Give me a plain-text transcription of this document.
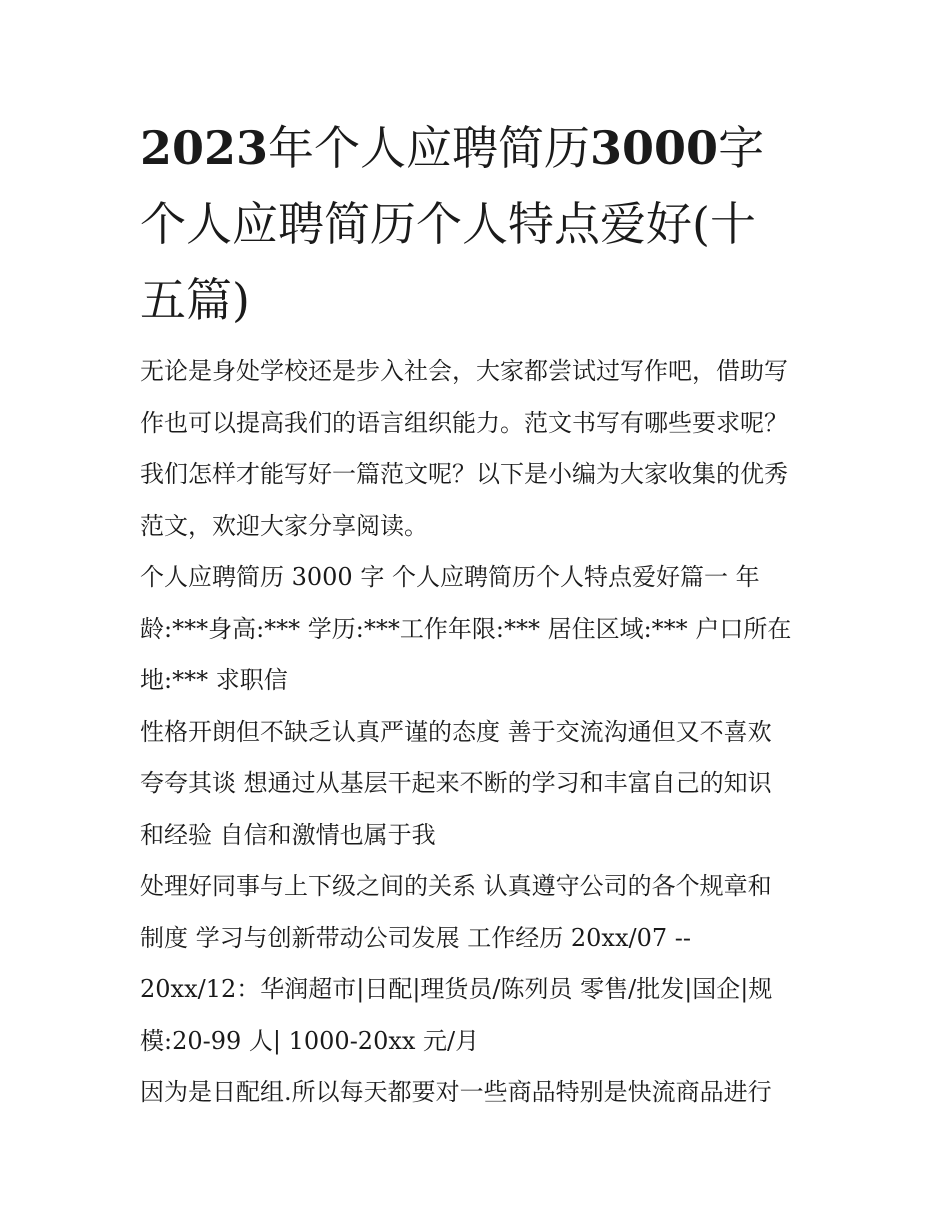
2023年个人应聘简历3000字
个人应聘简历个人特点爱好(十
五篇)

无论是身处学校还是步入社会，大家都尝试过写作吧，借助写
作也可以提高我们的语言组织能力。范文书写有哪些要求呢？
我们怎样才能写好一篇范文呢？以下是小编为大家收集的优秀
范文，欢迎大家分享阅读。

个人应聘简历 3000 字 个人应聘简历个人特点爱好篇一 年
龄:***身高:*** 学历:***工作年限:*** 居住区域:*** 户口所在
地:*** 求职信

性格开朗但不缺乏认真严谨的态度 善于交流沟通但又不喜欢
夸夸其谈 想通过从基层干起来不断的学习和丰富自己的知识
和经验 自信和激情也属于我

处理好同事与上下级之间的关系 认真遵守公司的各个规章和
制度 学习与创新带动公司发展 工作经历 20xx/07 --
20xx/12：华润超市|日配|理货员/陈列员 零售/批发|国企|规
模:20-99 人| 1000-20xx 元/月

因为是日配组.所以每天都要对一些商品特别是快流商品进行
